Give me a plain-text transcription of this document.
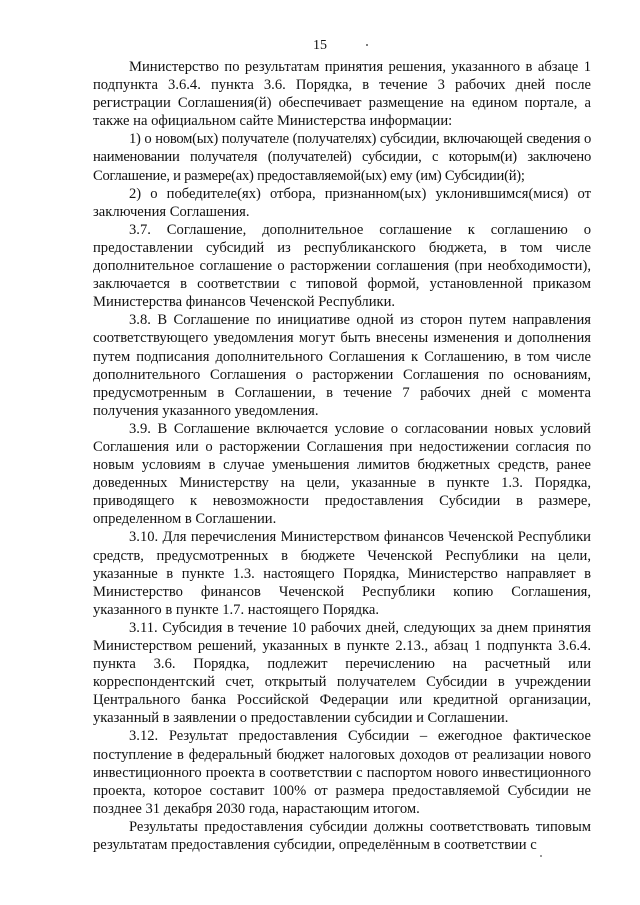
15

Министерство по результатам принятия решения, указанного в абзаце 1 подпункта 3.6.4. пункта 3.6. Порядка, в течение 3 рабочих дней после регистрации Соглашения(й) обеспечивает размещение на едином портале, а также на официальном сайте Министерства информации:

1) о новом(ых) получателе (получателях) субсидии, включающей сведения о наименовании получателя (получателей) субсидии, с которым(и) заключено Соглашение, и размере(ах) предоставляемой(ых) ему (им) Субсидии(й);

2) о победителе(ях) отбора, признанном(ых) уклонившимся(мися) от заключения Соглашения.

3.7. Соглашение, дополнительное соглашение к соглашению о предоставлении субсидий из республиканского бюджета, в том числе дополнительное соглашение о расторжении соглашения (при необходимости), заключается в соответствии с типовой формой, установленной приказом Министерства финансов Чеченской Республики.

3.8. В Соглашение по инициативе одной из сторон путем направления соответствующего уведомления могут быть внесены изменения и дополнения путем подписания дополнительного Соглашения к Соглашению, в том числе дополнительного Соглашения о расторжении Соглашения по основаниям, предусмотренным в Соглашении, в течение 7 рабочих дней с момента получения указанного уведомления.

3.9. В Соглашение включается условие о согласовании новых условий Соглашения или о расторжении Соглашения при недостижении согласия по новым условиям в случае уменьшения лимитов бюджетных средств, ранее доведенных Министерству на цели, указанные в пункте 1.3. Порядка, приводящего к невозможности предоставления Субсидии в размере, определенном в Соглашении.

3.10. Для перечисления Министерством финансов Чеченской Республики средств, предусмотренных в бюджете Чеченской Республики на цели, указанные в пункте 1.3. настоящего Порядка, Министерство направляет в Министерство финансов Чеченской Республики копию Соглашения, указанного в пункте 1.7. настоящего Порядка.

3.11. Субсидия в течение 10 рабочих дней, следующих за днем принятия Министерством решений, указанных в пункте 2.13., абзац 1 подпункта 3.6.4. пункта 3.6. Порядка, подлежит перечислению на расчетный или корреспондентский счет, открытый получателем Субсидии в учреждении Центрального банка Российской Федерации или кредитной организации, указанный в заявлении о предоставлении субсидии и Соглашении.

3.12. Результат предоставления Субсидии – ежегодное фактическое поступление в федеральный бюджет налоговых доходов от реализации нового инвестиционного проекта в соответствии с паспортом нового инвестиционного проекта, которое составит 100% от размера предоставляемой Субсидии не позднее 31 декабря 2030 года, нарастающим итогом.

Результаты предоставления субсидии должны соответствовать типовым результатам предоставления субсидии, определённым в соответствии с
